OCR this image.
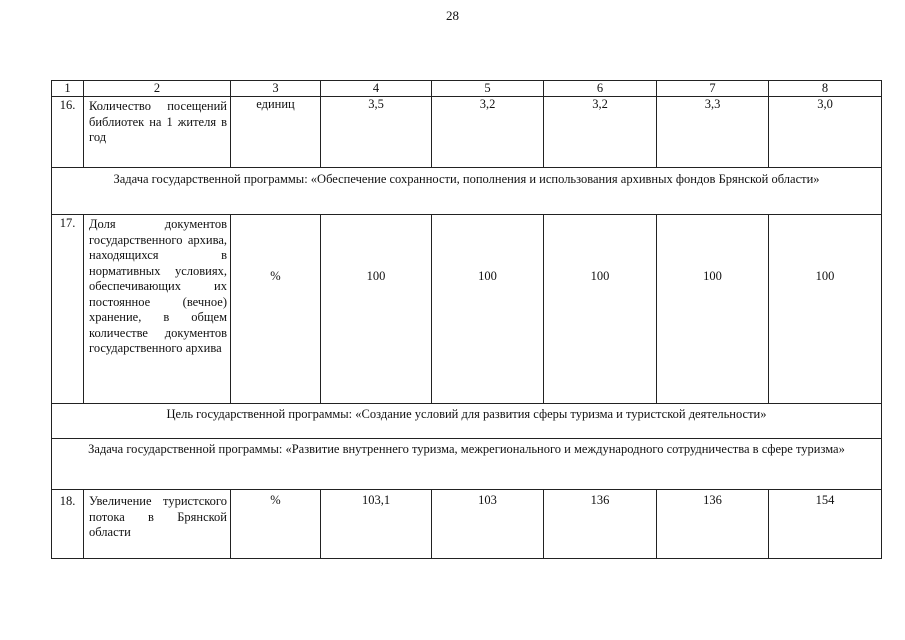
28
1	2	3	4	5	6	7	8
16.	Количество посещений библиотек на 1 жителя в год	единиц	3,5	3,2	3,2	3,3	3,0
Задача государственной программы: «Обеспечение сохранности, пополнения и использования архивных фондов Брянской области»							
17.	Доля документов государственного архива, находящихся в нормативных условиях, обеспечивающих их постоянное (вечное) хранение, в общем количестве документов государственного архива	%	100	100	100	100	100
Цель государственной программы: «Создание условий для развития сферы туризма и туристской деятельности»							
Задача государственной программы: «Развитие внутреннего туризма, межрегионального и международного сотрудничества в сфере туризма»							
18.	Увеличение туристского потока в Брянской области	%	103,1	103	136	136	154
